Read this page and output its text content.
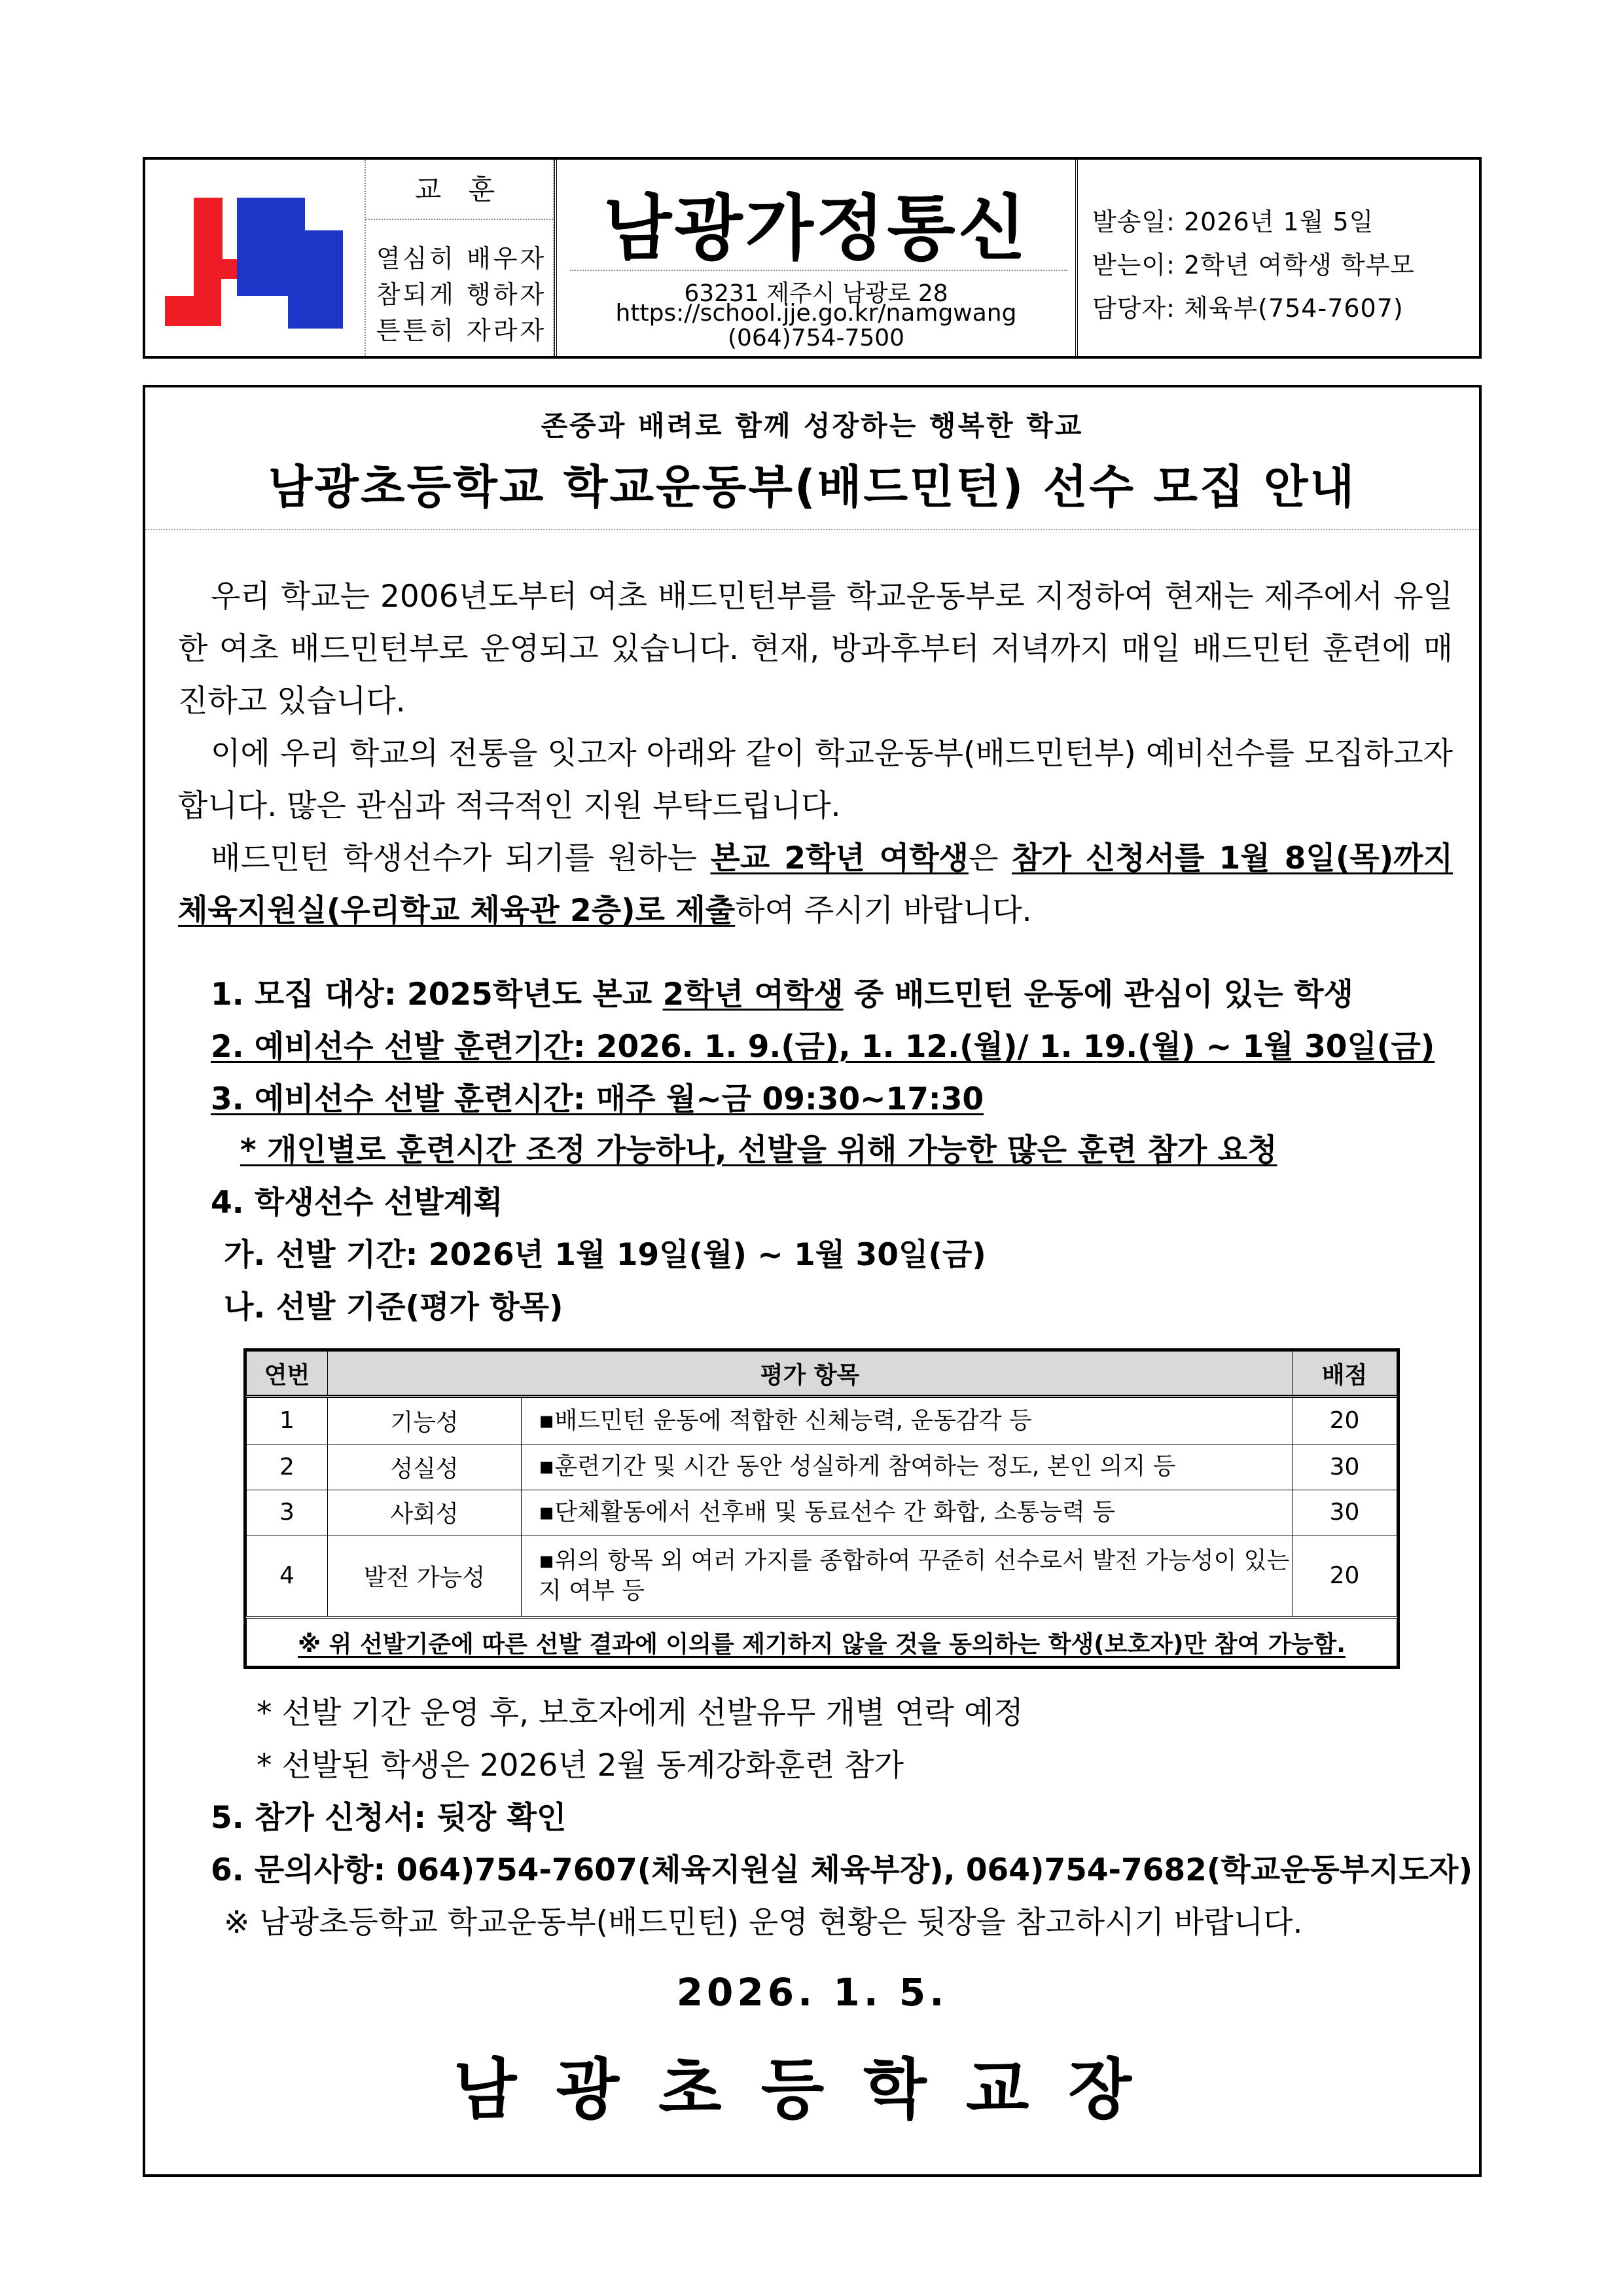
교 훈
열심히 배우자
참되게 행하자
튼튼히 자라자
남광가정통신
63231 제주시 남광로 28
https://school.jje.go.kr/namgwang
(064)754-7500
발송일: 2026년 1월 5일
받는이: 2학년 여학생 학부모
담당자: 체육부(754-7607)
존중과 배려로 함께 성장하는 행복한 학교
남광초등학교 학교운동부(배드민턴) 선수 모집 안내
우리 학교는 2006년도부터 여초 배드민턴부를 학교운동부로 지정하여 현재는 제주에서 유일한 여초 배드민턴부로 운영되고 있습니다. 현재, 방과후부터 저녁까지 매일 배드민턴 훈련에 매진하고 있습니다.
이에 우리 학교의 전통을 잇고자 아래와 같이 학교운동부(배드민턴부) 예비선수를 모집하고자 합니다. 많은 관심과 적극적인 지원 부탁드립니다.
배드민턴 학생선수가 되기를 원하는 본교 2학년 여학생은 참가 신청서를 1월 8일(목)까지 체육지원실(우리학교 체육관 2층)로 제출하여 주시기 바랍니다.
1. 모집 대상: 2025학년도 본교 2학년 여학생 중 배드민턴 운동에 관심이 있는 학생
2. 예비선수 선발 훈련기간: 2026. 1. 9.(금), 1. 12.(월)/ 1. 19.(월) ~ 1월 30일(금)
3. 예비선수 선발 훈련시간: 매주 월~금 09:30~17:30
* 개인별로 훈련시간 조정 가능하나, 선발을 위해 가능한 많은 훈련 참가 요청
4. 학생선수 선발계획
가. 선발 기간: 2026년 1월 19일(월) ~ 1월 30일(금)
나. 선발 기준(평가 항목)
연번	평가 항목		배점
1	기능성	▪배드민턴 운동에 적합한 신체능력, 운동감각 등	20
2	성실성	▪훈련기간 및 시간 동안 성실하게 참여하는 정도, 본인 의지 등	30
3	사회성	▪단체활동에서 선후배 및 동료선수 간 화합, 소통능력 등	30
4	발전 가능성	▪위의 항목 외 여러 가지를 종합하여 꾸준히 선수로서 발전 가능성이 있는지 여부 등	20
※ 위 선발기준에 따른 선발 결과에 이의를 제기하지 않을 것을 동의하는 학생(보호자)만 참여 가능함.			
* 선발 기간 운영 후, 보호자에게 선발유무 개별 연락 예정
* 선발된 학생은 2026년 2월 동계강화훈련 참가
5. 참가 신청서: 뒷장 확인
6. 문의사항: 064)754-7607(체육지원실 체육부장), 064)754-7682(학교운동부지도자)
※ 남광초등학교 학교운동부(배드민턴) 운영 현황은 뒷장을 참고하시기 바랍니다.
2026. 1. 5.
남광초등학교장
